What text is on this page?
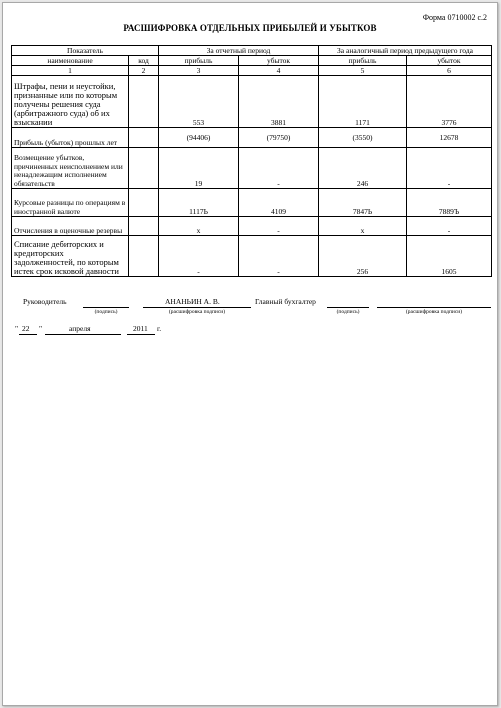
Форма 0710002 с.2
РАСШИФРОВКА ОТДЕЛЬНЫХ ПРИБЫЛЕЙ И УБЫТКОВ
Показатель		За отчетный период		За аналогичный период предыдущего года	
наименование	код	прибыль	убыток	прибыль	убыток
1	2	3	4	5	6
Штрафы, пени и неустойки, признанные или по которым получены решения суда (арбитражного суда) об их взыскании		553	3881	1171	3776
Прибыль (убыток) прошлых лет		(94406)	(79750)	(3550)	12678
Возмещение убытков, причиненных неисполнением или ненадлежащим исполнением обязательств		19	-	246	-
Курсовые разницы по операциям в иностранной валюте		1117Ь	4109	7847Ь	7889Ъ
Отчисления в оценочные резервы		х	-	х	-
Списание дебиторских и кредиторских задолженностей, по которым истек срок исковой давности		-	-	256	1605
Руководитель
(подпись)
АНАНЬИН А. В.
(расшифровка подписи)
Главный бухгалтер
(подпись)	(расшифровка подписи)
" 22 "	апреля	2011 г.
